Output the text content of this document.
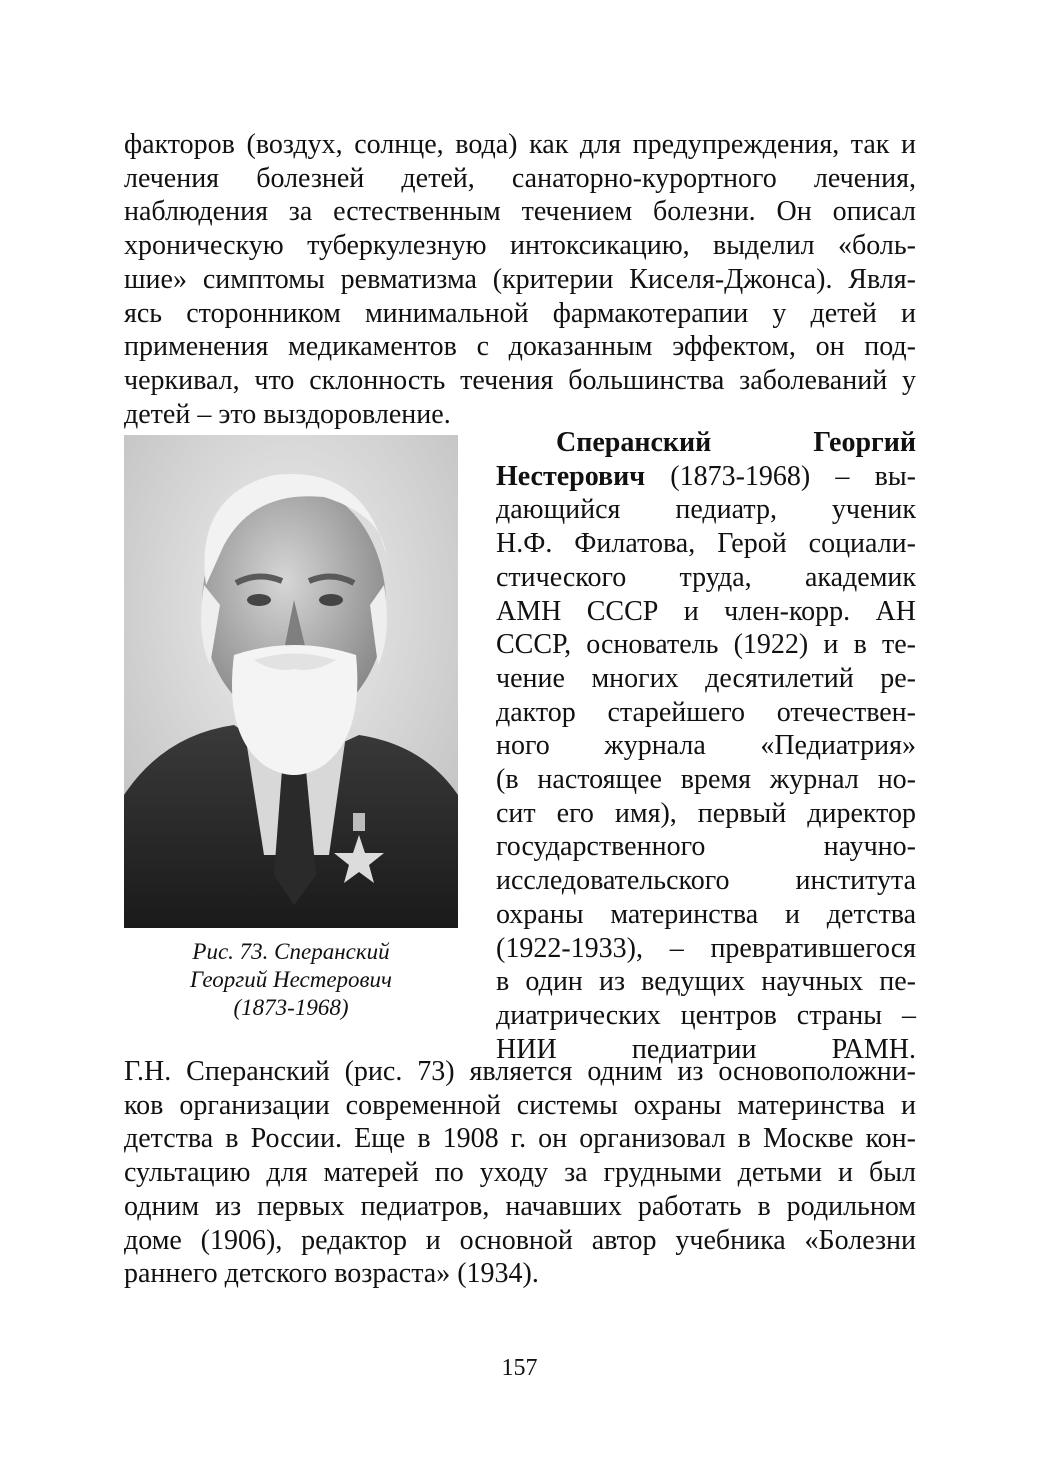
факторов (воздух, солнце, вода) как для предупреждения, так и
лечения болезней детей, санаторно-курортного лечения,
наблюдения за естественным течением болезни. Он описал
хроническую туберкулезную интоксикацию, выделил «боль-
шие» симптомы ревматизма (критерии Киселя-Джонса). Явля-
ясь сторонником минимальной фармакотерапии у детей и
применения медикаментов с доказанным эффектом, он под-
черкивал, что склонность течения большинства заболеваний у
детей – это выздоровление.

Рис. 73. Сперанский
Георгий Нестерович
(1873-1968)

Сперанский Георгий
Нестерович (1873-1968) – вы-
дающийся педиатр, ученик
Н.Ф. Филатова, Герой социали-
стического труда, академик
АМН СССР и член-корр. АН
СССР, основатель (1922) и в те-
чение многих десятилетий ре-
дактор старейшего отечествен-
ного журнала «Педиатрия»
(в настоящее время журнал но-
сит его имя), первый директор
государственного научно-
исследовательского института
охраны материнства и детства
(1922-1933), – превратившегося
в один из ведущих научных пе-
диатрических центров страны –
НИИ педиатрии РАМН.

Г.Н. Сперанский (рис. 73) является одним из основоположни-
ков организации современной системы охраны материнства и
детства в России. Еще в 1908 г. он организовал в Москве кон-
сультацию для матерей по уходу за грудными детьми и был
одним из первых педиатров, начавших работать в родильном
доме (1906), редактор и основной автор учебника «Болезни
раннего детского возраста» (1934).

157
